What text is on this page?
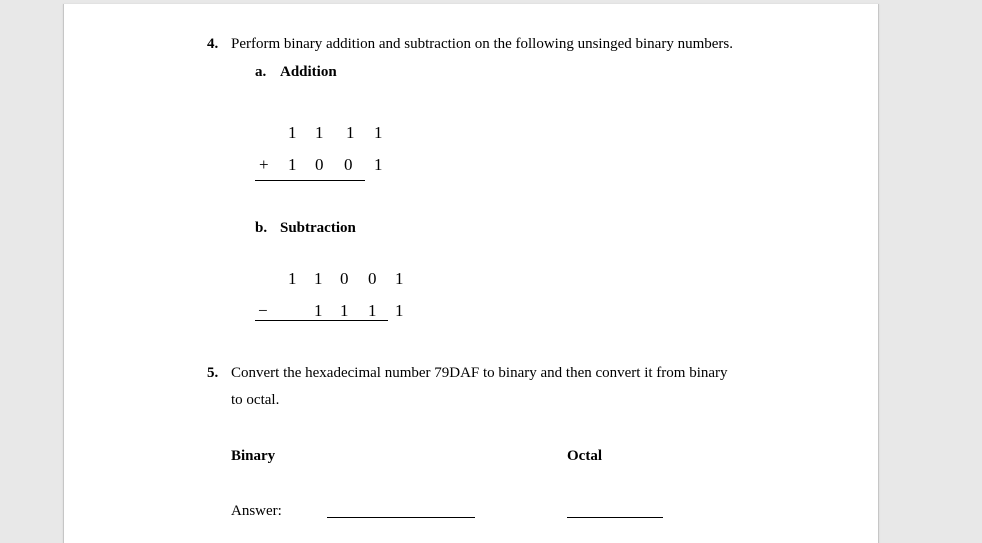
4. Perform binary addition and subtraction on the following unsinged binary numbers.
a. Addition
1 1 1 1
+ 1 0 0 1
b. Subtraction
1 1 0 0 1
−	1 1 1 1
5. Convert the hexadecimal number 79DAF to binary and then convert it from binary
to octal.
Binary	Octal
Answer:
